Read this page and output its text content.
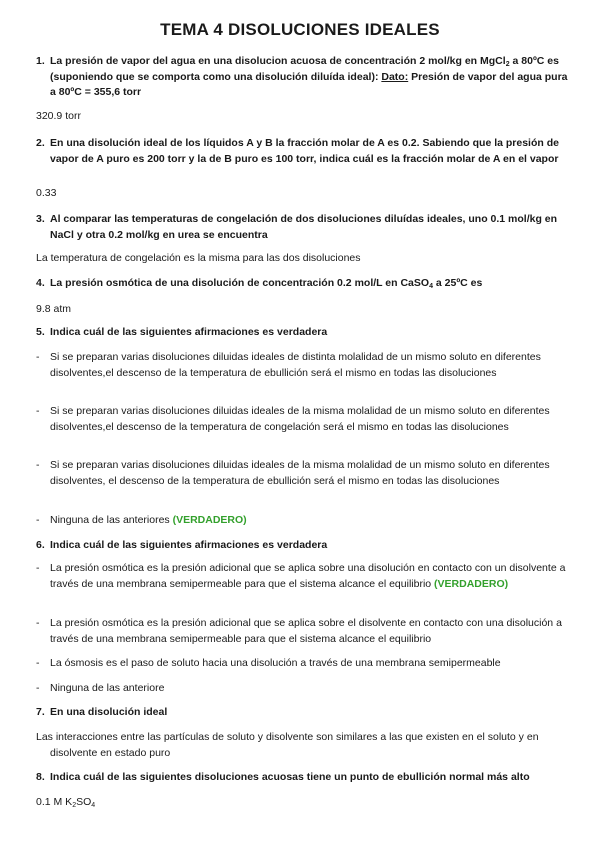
TEMA 4 DISOLUCIONES IDEALES
1. La presión de vapor del agua en una disolucion acuosa de concentración 2 mol/kg en MgCl$_2$ a 80ºC es (suponiendo que se comporta como una disolución diluída ideal): Dato: Presión de vapor del agua pura a 80ºC = 355,6 torr
320.9 torr
2. En una disolución ideal de los líquidos A y B la fracción molar de A es 0.2. Sabiendo que la presión de vapor de A puro es 200 torr y la de B puro es 100 torr, indica cuál es la fracción molar de A en el vapor
0.33
3. Al comparar las temperaturas de congelación de dos disoluciones diluídas ideales, uno 0.1 mol/kg en NaCl y otra 0.2 mol/kg en urea se encuentra
La temperatura de congelación es la misma para las dos disoluciones
4. La presión osmótica de una disolución de concentración 0.2 mol/L en CaSO$_4$ a 25ºC es
9.8 atm
5. Indica cuál de las siguientes afirmaciones es verdadera
- Si se preparan varias disoluciones diluidas ideales de distinta molalidad de un mismo soluto en diferentes disolventes,el descenso de la temperatura de ebullición será el mismo en todas las disoluciones
- Si se preparan varias disoluciones diluidas ideales de la misma molalidad de un mismo soluto en diferentes disolventes,el descenso de la temperatura de congelación será el mismo en todas las disoluciones
- Si se preparan varias disoluciones diluidas ideales de la misma molalidad de un mismo soluto en diferentes disolventes, el descenso de la temperatura de ebullición será el mismo en todas las disoluciones
- Ninguna de las anteriores (VERDADERO)
6. Indica cuál de las siguientes afirmaciones es verdadera
- La presión osmótica es la presión adicional que se aplica sobre una disolución en contacto con un disolvente a través de una membrana semipermeable para que el sistema alcance el equilibrio (VERDADERO)
- La presión osmótica es la presión adicional que se aplica sobre el disolvente en contacto con una disolución a través de una membrana semipermeable para que el sistema alcance el equilibrio
- La ósmosis es el paso de soluto hacia una disolución a través de una membrana semipermeable
- Ninguna de las anteriore
7. En una disolución ideal
Las interacciones entre las partículas de soluto y disolvente son similares a las que existen en el soluto y en disolvente en estado puro
8. Indica cuál de las siguientes disoluciones acuosas tiene un punto de ebullición normal más alto
0.1 M $K_2SO_4$
